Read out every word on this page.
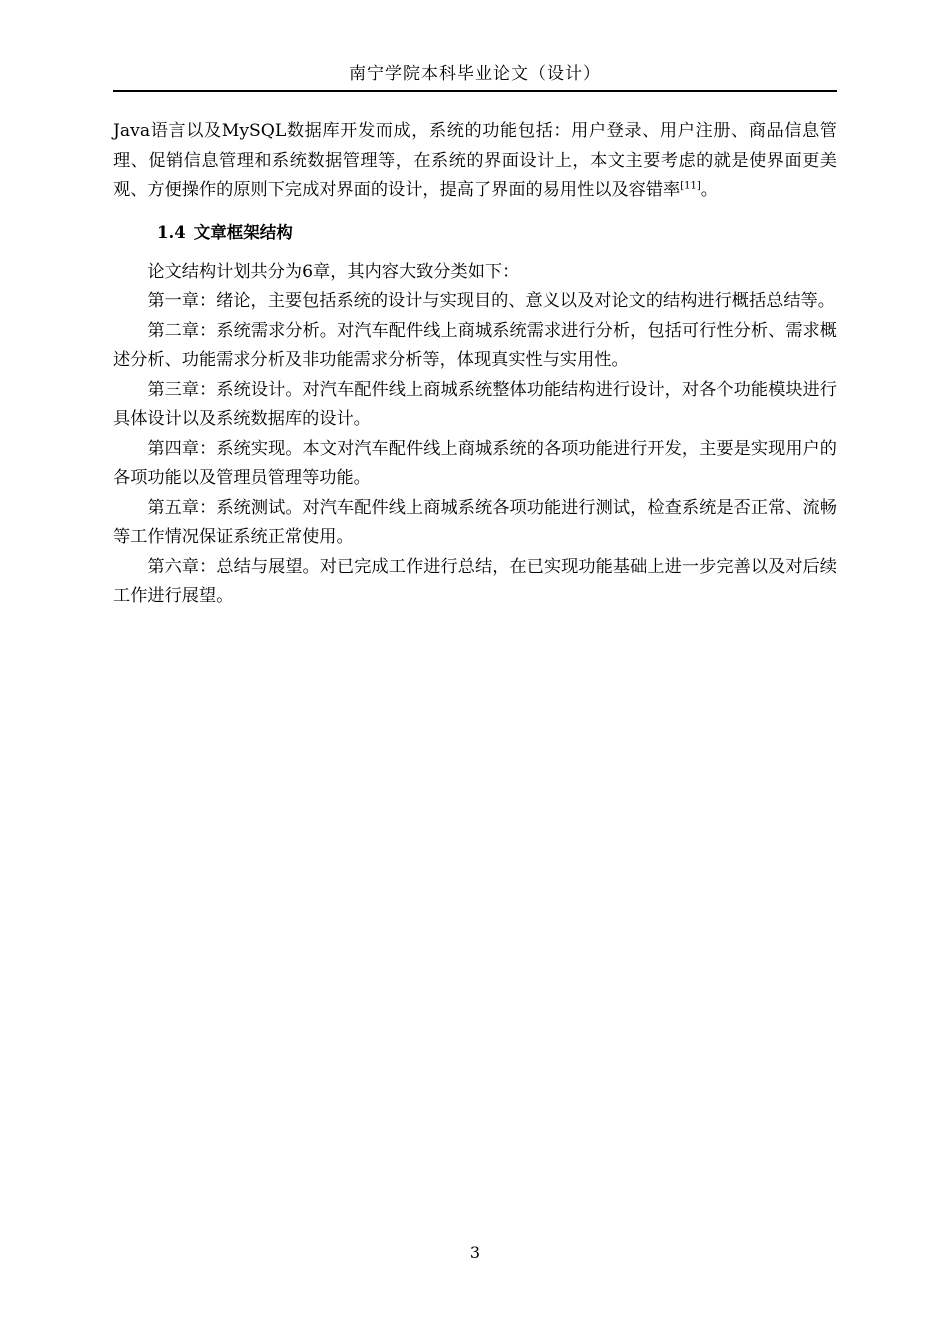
南宁学院本科毕业论文（设计）

Java语言以及MySQL数据库开发而成，系统的功能包括：用户登录、用户注册、商品信息管理、促销信息管理和系统数据管理等，在系统的界面设计上，本文主要考虑的就是使界面更美观、方便操作的原则下完成对界面的设计，提高了界面的易用性以及容错率[11]。

1.4 文章框架结构

论文结构计划共分为6章，其内容大致分类如下：

第一章：绪论，主要包括系统的设计与实现目的、意义以及对论文的结构进行概括总结等。

第二章：系统需求分析。对汽车配件线上商城系统需求进行分析，包括可行性分析、需求概述分析、功能需求分析及非功能需求分析等，体现真实性与实用性。

第三章：系统设计。对汽车配件线上商城系统整体功能结构进行设计，对各个功能模块进行具体设计以及系统数据库的设计。

第四章：系统实现。本文对汽车配件线上商城系统的各项功能进行开发，主要是实现用户的各项功能以及管理员管理等功能。

第五章：系统测试。对汽车配件线上商城系统各项功能进行测试，检查系统是否正常、流畅等工作情况保证系统正常使用。

第六章：总结与展望。对已完成工作进行总结，在已实现功能基础上进一步完善以及对后续工作进行展望。

3
